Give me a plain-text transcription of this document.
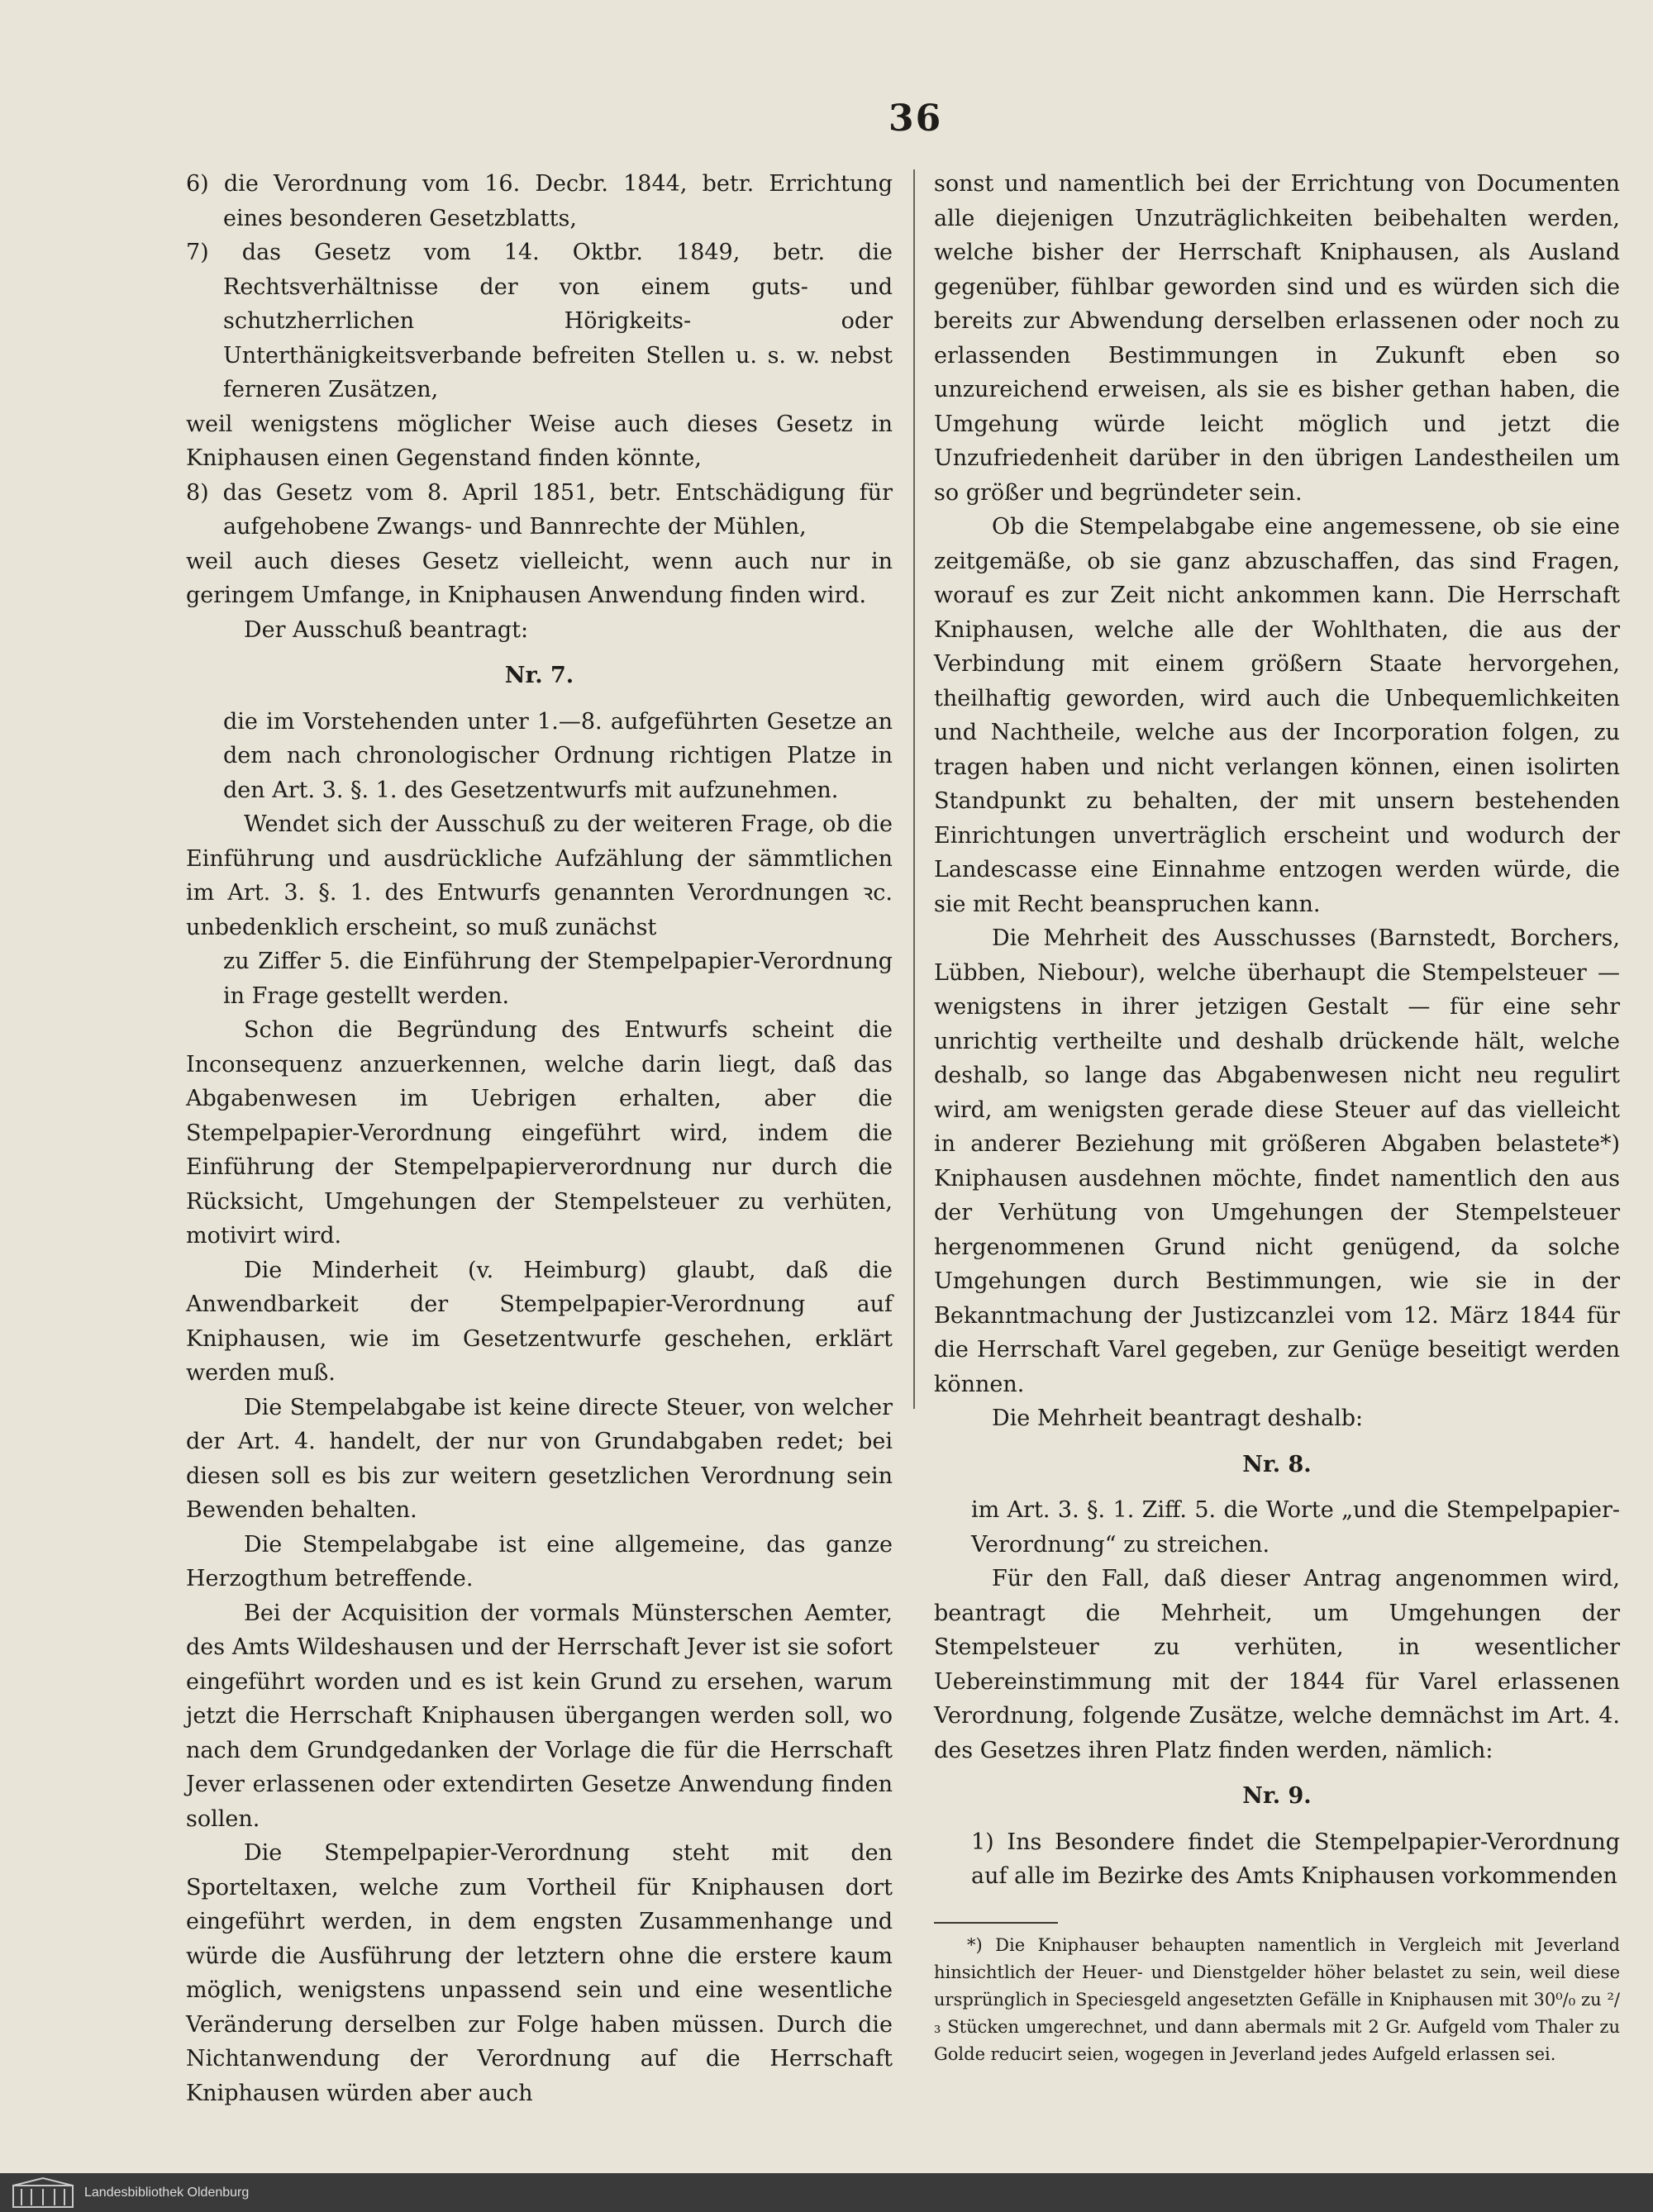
36

6) die Verordnung vom 16. Decbr. 1844, betr. Errichtung eines besonderen Gesetzblatts,

7) das Gesetz vom 14. Oktbr. 1849, betr. die Rechtsverhältnisse der von einem guts- und schutzherrlichen Hörigkeits- oder Unterthänigkeitsverbande befreiten Stellen u. s. w. nebst ferneren Zusätzen,

weil wenigstens möglicher Weise auch dieses Gesetz in Kniphausen einen Gegenstand finden könnte,

8) das Gesetz vom 8. April 1851, betr. Entschädigung für aufgehobene Zwangs- und Bannrechte der Mühlen,

weil auch dieses Gesetz vielleicht, wenn auch nur in geringem Umfange, in Kniphausen Anwendung finden wird.

Der Ausschuß beantragt:

Nr. 7.

die im Vorstehenden unter 1.—8. aufgeführten Gesetze an dem nach chronologischer Ordnung richtigen Platze in den Art. 3. §. 1. des Gesetzentwurfs mit aufzunehmen.

Wendet sich der Ausschuß zu der weiteren Frage, ob die Einführung und ausdrückliche Aufzählung der sämmtlichen im Art. 3. §. 1. des Entwurfs genannten Verordnungen ꝛc. unbedenklich erscheint, so muß zunächst

zu Ziffer 5. die Einführung der Stempelpapier-Verordnung in Frage gestellt werden.

Schon die Begründung des Entwurfs scheint die Inconsequenz anzuerkennen, welche darin liegt, daß das Abgabenwesen im Uebrigen erhalten, aber die Stempelpapier-Verordnung eingeführt wird, indem die Einführung der Stempelpapierverordnung nur durch die Rücksicht, Umgehungen der Stempelsteuer zu verhüten, motivirt wird.

Die Minderheit (v. Heimburg) glaubt, daß die Anwendbarkeit der Stempelpapier-Verordnung auf Kniphausen, wie im Gesetzentwurfe geschehen, erklärt werden muß.

Die Stempelabgabe ist keine directe Steuer, von welcher der Art. 4. handelt, der nur von Grundabgaben redet; bei diesen soll es bis zur weitern gesetzlichen Verordnung sein Bewenden behalten.

Die Stempelabgabe ist eine allgemeine, das ganze Herzogthum betreffende.

Bei der Acquisition der vormals Münsterschen Aemter, des Amts Wildeshausen und der Herrschaft Jever ist sie sofort eingeführt worden und es ist kein Grund zu ersehen, warum jetzt die Herrschaft Kniphausen übergangen werden soll, wo nach dem Grundgedanken der Vorlage die für die Herrschaft Jever erlassenen oder extendirten Gesetze Anwendung finden sollen.

Die Stempelpapier-Verordnung steht mit den Sporteltaxen, welche zum Vortheil für Kniphausen dort eingeführt werden, in dem engsten Zusammenhange und würde die Ausführung der letztern ohne die erstere kaum möglich, wenigstens unpassend sein und eine wesentliche Veränderung derselben zur Folge haben müssen. Durch die Nichtanwendung der Verordnung auf die Herrschaft Kniphausen würden aber auch

sonst und namentlich bei der Errichtung von Documenten alle diejenigen Unzuträglichkeiten beibehalten werden, welche bisher der Herrschaft Kniphausen, als Ausland gegenüber, fühlbar geworden sind und es würden sich die bereits zur Abwendung derselben erlassenen oder noch zu erlassenden Bestimmungen in Zukunft eben so unzureichend erweisen, als sie es bisher gethan haben, die Umgehung würde leicht möglich und jetzt die Unzufriedenheit darüber in den übrigen Landestheilen um so größer und begründeter sein.

Ob die Stempelabgabe eine angemessene, ob sie eine zeitgemäße, ob sie ganz abzuschaffen, das sind Fragen, worauf es zur Zeit nicht ankommen kann. Die Herrschaft Kniphausen, welche alle der Wohlthaten, die aus der Verbindung mit einem größern Staate hervorgehen, theilhaftig geworden, wird auch die Unbequemlichkeiten und Nachtheile, welche aus der Incorporation folgen, zu tragen haben und nicht verlangen können, einen isolirten Standpunkt zu behalten, der mit unsern bestehenden Einrichtungen unverträglich erscheint und wodurch der Landescasse eine Einnahme entzogen werden würde, die sie mit Recht beanspruchen kann.

Die Mehrheit des Ausschusses (Barnstedt, Borchers, Lübben, Niebour), welche überhaupt die Stempelsteuer — wenigstens in ihrer jetzigen Gestalt — für eine sehr unrichtig vertheilte und deshalb drückende hält, welche deshalb, so lange das Abgabenwesen nicht neu regulirt wird, am wenigsten gerade diese Steuer auf das vielleicht in anderer Beziehung mit größeren Abgaben belastete*) Kniphausen ausdehnen möchte, findet namentlich den aus der Verhütung von Umgehungen der Stempelsteuer hergenommenen Grund nicht genügend, da solche Umgehungen durch Bestimmungen, wie sie in der Bekanntmachung der Justizcanzlei vom 12. März 1844 für die Herrschaft Varel gegeben, zur Genüge beseitigt werden können.

Die Mehrheit beantragt deshalb:

Nr. 8.

im Art. 3. §. 1. Ziff. 5. die Worte „und die Stempelpapier-Verordnung“ zu streichen.

Für den Fall, daß dieser Antrag angenommen wird, beantragt die Mehrheit, um Umgehungen der Stempelsteuer zu verhüten, in wesentlicher Uebereinstimmung mit der 1844 für Varel erlassenen Verordnung, folgende Zusätze, welche demnächst im Art. 4. des Gesetzes ihren Platz finden werden, nämlich:

Nr. 9.

1) Ins Besondere findet die Stempelpapier-Verordnung auf alle im Bezirke des Amts Kniphausen vorkommenden

*) Die Kniphauser behaupten namentlich in Vergleich mit Jeverland hinsichtlich der Heuer- und Dienstgelder höher belastet zu sein, weil diese ursprünglich in Speciesgeld angesetzten Gefälle in Kniphausen mit 30⁰/₀ zu ²/₃ Stücken umgerechnet, und dann abermals mit 2 Gr. Aufgeld vom Thaler zu Golde reducirt seien, wogegen in Jeverland jedes Aufgeld erlassen sei.

Landesbibliothek Oldenburg
